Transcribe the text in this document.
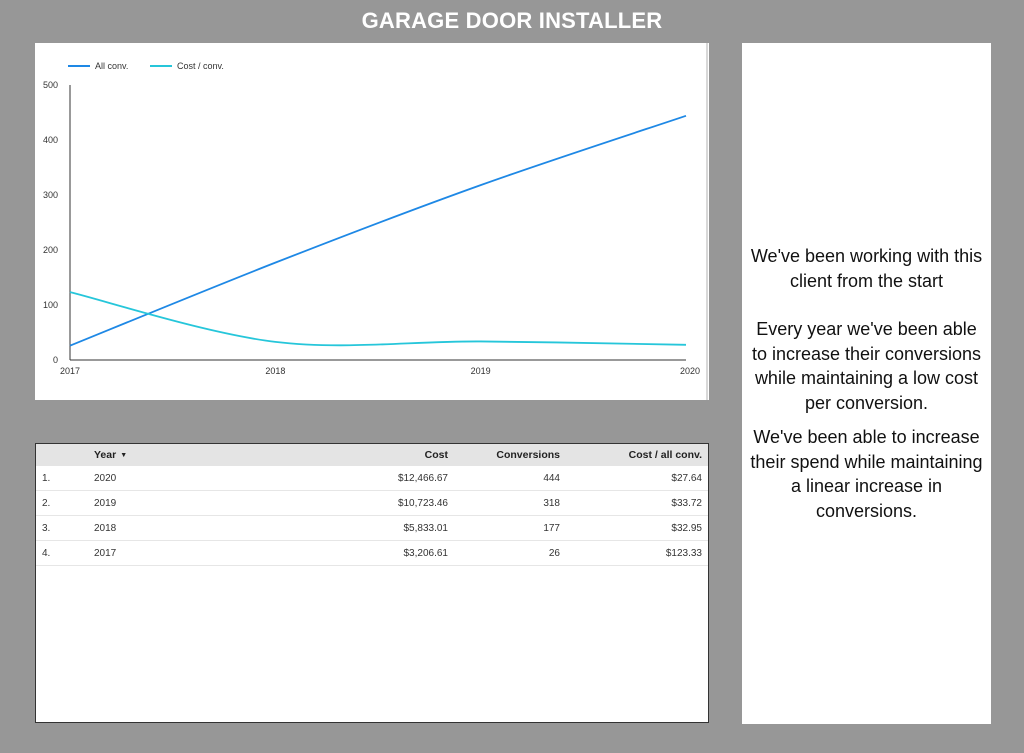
GARAGE DOOR INSTALLER
0
100
200
300
400
500
2017	2018	2019	2020
All conv.	Cost / conv.
	Year ▼	Cost	Conversions	Cost / all conv.
1.	2020	$12,466.67	444	$27.64
2.	2019	$10,723.46	318	$33.72
3.	2018	$5,833.01	177	$32.95
4.	2017	$3,206.61	26	$123.33

We've been working with this client from the start

Every year we've been able to increase their conversions while maintaining a low cost per conversion.

We've been able to increase their spend while maintaining a linear increase in conversions.
